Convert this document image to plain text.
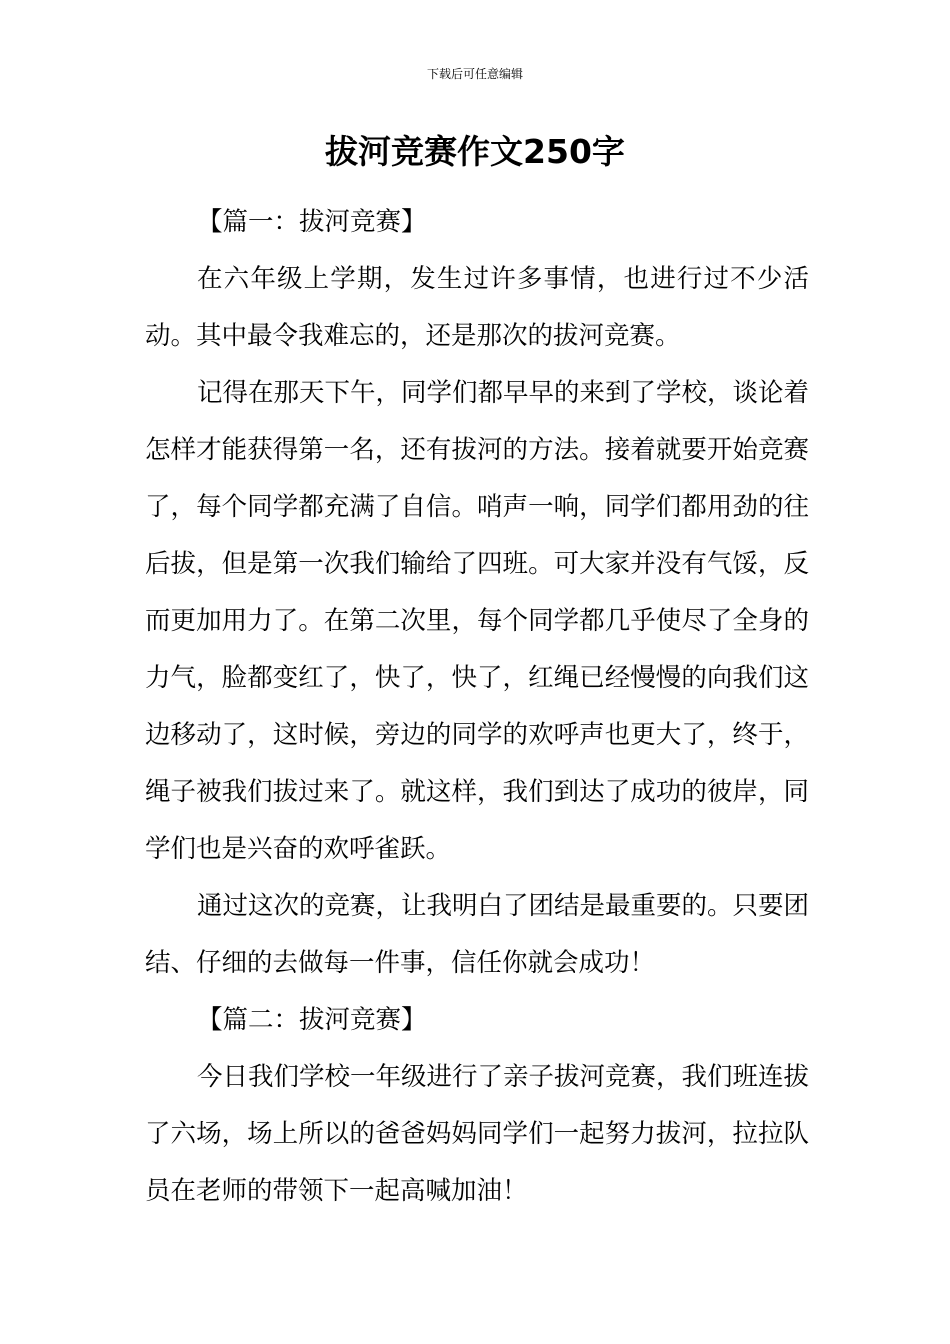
下载后可任意编辑
拔河竞赛作文250字

【篇一：拔河竞赛】

在六年级上学期，发生过许多事情，也进行过不少活动。其中最令我难忘的，还是那次的拔河竞赛。

记得在那天下午，同学们都早早的来到了学校，谈论着怎样才能获得第一名，还有拔河的方法。接着就要开始竞赛了，每个同学都充满了自信。哨声一响，同学们都用劲的往后拔，但是第一次我们输给了四班。可大家并没有气馁，反而更加用力了。在第二次里，每个同学都几乎使尽了全身的力气，脸都变红了，快了，快了，红绳已经慢慢的向我们这边移动了，这时候，旁边的同学的欢呼声也更大了，终于，绳子被我们拔过来了。就这样，我们到达了成功的彼岸，同学们也是兴奋的欢呼雀跃。

通过这次的竞赛，让我明白了团结是最重要的。只要团结、仔细的去做每一件事，信任你就会成功！

【篇二：拔河竞赛】

今日我们学校一年级进行了亲子拔河竞赛，我们班连拔了六场，场上所以的爸爸妈妈同学们一起努力拔河，拉拉队员在老师的带领下一起高喊加油！
